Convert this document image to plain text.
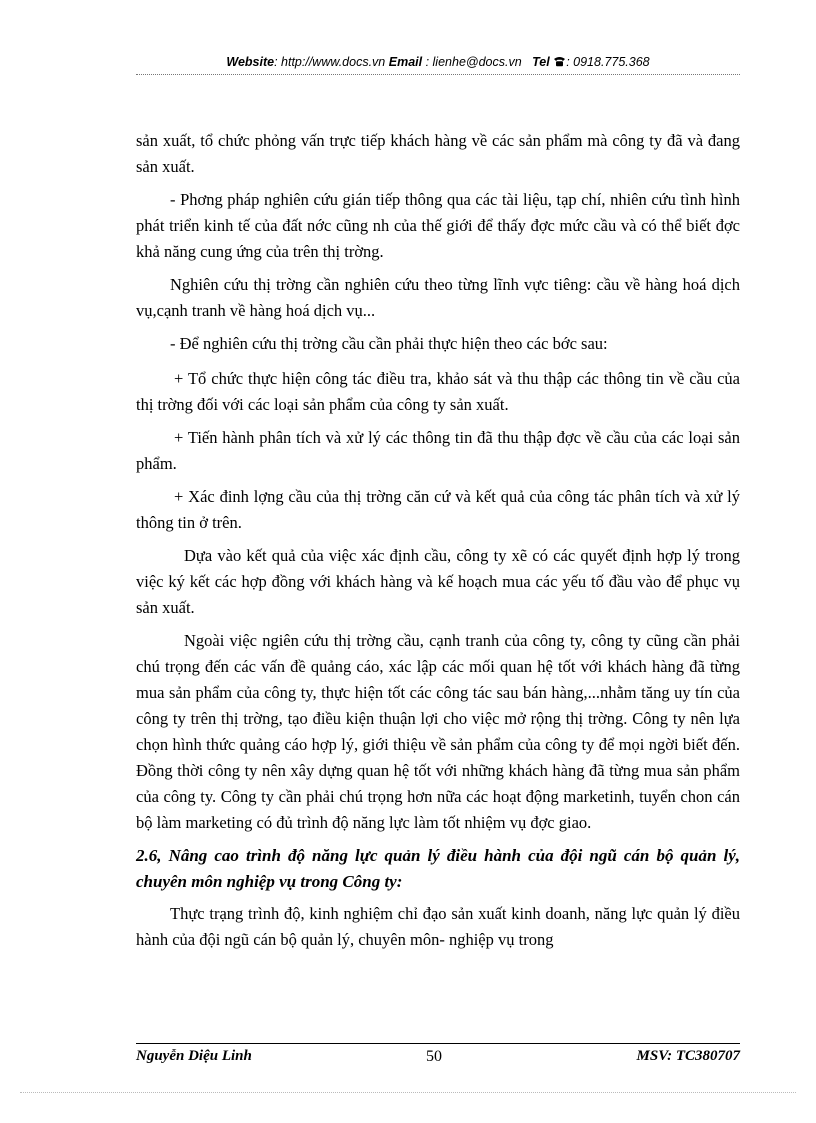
Website: http://www.docs.vn Email : lienhe@docs.vn Tel : 0918.775.368

sản xuất, tổ chức phỏng vấn trực tiếp khách hàng về các sản phẩm mà công ty đã và đang sản xuất.

- Phơng pháp nghiên cứu gián tiếp thông qua các tài liệu, tạp chí, nhiên cứu tình hình phát triển kinh tế của đất nớc cũng nh của thế giới để thấy đợc mức cầu và có thể biết đợc khả năng cung ứng của trên thị trờng.

Nghiên cứu thị trờng cần nghiên cứu theo từng lĩnh vực tiêng: cầu về hàng hoá dịch vụ,cạnh tranh về hàng hoá dịch vụ...

- Để nghiên cứu thị trờng cầu cần phải thực hiện theo các bớc sau:

+ Tổ chức thực hiện công tác điều tra, khảo sát và thu thập các thông tin về cầu của thị trờng đối với các loại sản phẩm của công ty sản xuất.

+ Tiến hành phân tích và xử lý các thông tin đã thu thập đợc về cầu của các loại sản phẩm.

+ Xác đinh lợng cầu của thị trờng căn cứ và kết quả của công tác phân tích và xử lý thông tin ở trên.

Dựa vào kết quả của việc xác định cầu, công ty xẽ có các quyết định hợp lý trong việc ký kết các hợp đồng với khách hàng và kế hoạch mua các yếu tố đầu vào để phục vụ sản xuất.

Ngoài việc ngiên cứu thị trờng cầu, cạnh tranh của công ty, công ty cũng cần phải chú trọng đến các vấn đề quảng cáo, xác lập các mối quan hệ tốt với khách hàng đã từng mua sản phẩm của công ty, thực hiện tốt các công tác sau bán hàng,...nhằm tăng uy tín của công ty trên thị trờng, tạo điều kiện thuận lợi cho việc mở rộng thị trờng. Công ty nên lựa chọn hình thức quảng cáo hợp lý, giới thiệu về sản phẩm của công ty để mọi ngời biết đến. Đồng thời công ty nên xây dựng quan hệ tốt với những khách hàng đã từng mua sản phẩm của công ty. Công ty cần phải chú trọng hơn nữa các hoạt động marketinh, tuyển chon cán bộ làm marketing có đủ trình độ năng lực làm tốt nhiệm vụ đợc giao.

2.6, Nâng cao trình độ năng lực quản lý điều hành của đội ngũ cán bộ quản lý, chuyên môn nghiệp vụ trong Công ty:

Thực trạng trình độ, kinh nghiệm chỉ đạo sản xuất kinh doanh, năng lực quản lý điều hành của đội ngũ cán bộ quản lý, chuyên môn- nghiệp vụ trong

Nguyễn Diệu Linh	50	MSV: TC380707
